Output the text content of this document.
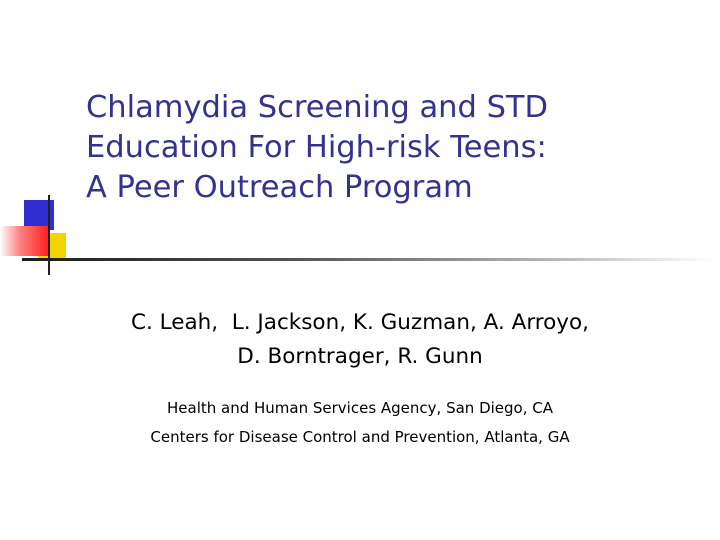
Chlamydia Screening and STD
Education For High-risk Teens:
A Peer Outreach Program

C. Leah,  L. Jackson, K. Guzman, A. Arroyo,
D. Borntrager, R. Gunn

Health and Human Services Agency, San Diego, CA
Centers for Disease Control and Prevention, Atlanta, GA
